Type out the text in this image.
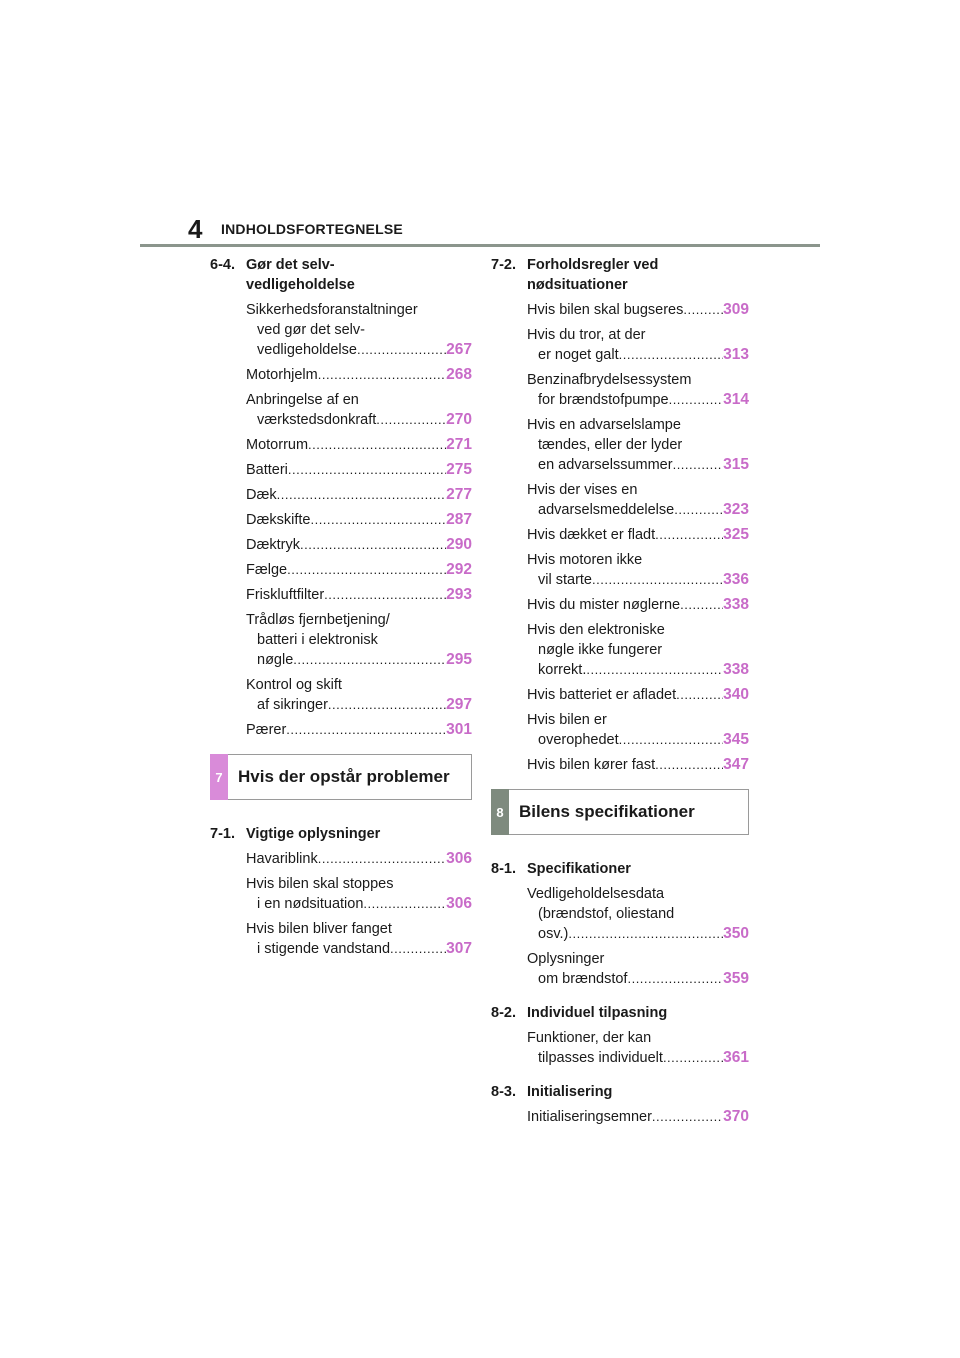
4 INDHOLDSFORTEGNELSE
6-4. Gør det selv-
vedligeholdelse
Sikkerhedsforanstaltninger
ved gør det selv-
vedligeholdelse .....	267
Motorhjelm .....	268
Anbringelse af en
værkstedsdonkraft .....	270
Motorrum .....	271
Batteri .....	275
Dæk .....	277
Dækskifte .....	287
Dæktryk .....	290
Fælge .....	292
Friskluftfilter .....	293
Trådløs fjernbetjening/
batteri i elektronisk
nøgle .....	295
Kontrol og skift
af sikringer .....	297
Pærer .....	301
7 Hvis der opstår problemer
7-1. Vigtige oplysninger
Havariblink .....	306
Hvis bilen skal stoppes
i en nødsituation .....	306
Hvis bilen bliver fanget
i stigende vandstand .....	307
7-2. Forholdsregler ved
nødsituationer
Hvis bilen skal bugseres .....	309
Hvis du tror, at der
er noget galt .....	313
Benzinafbrydelsessystem
for brændstofpumpe .....	314
Hvis en advarselslampe
tændes, eller der lyder
en advarselssummer .....	315
Hvis der vises en
advarselsmeddelelse .....	323
Hvis dækket er fladt .....	325
Hvis motoren ikke
vil starte .....	336
Hvis du mister nøglerne .....	338
Hvis den elektroniske
nøgle ikke fungerer
korrekt. .....	338
Hvis batteriet er afladet .....	340
Hvis bilen er
overophedet .....	345
Hvis bilen kører fast .....	347
8 Bilens specifikationer
8-1. Specifikationer
Vedligeholdelsesdata
(brændstof, oliestand
osv.) .....	350
Oplysninger
om brændstof .....	359
8-2. Individuel tilpasning
Funktioner, der kan
tilpasses individuelt .....	361
8-3. Initialisering
Initialiseringsemner .....	370
